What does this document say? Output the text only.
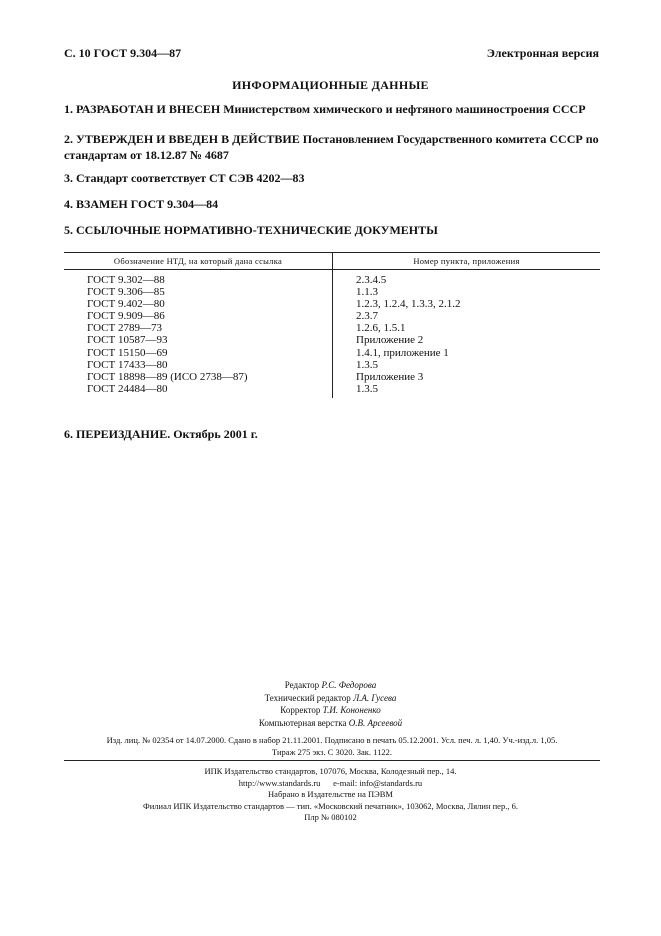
С. 10 ГОСТ 9.304—87	Электронная версия
ИНФОРМАЦИОННЫЕ ДАННЫЕ
1. РАЗРАБОТАН И ВНЕСЕН Министерством химического и нефтяного машиностроения СССР
2. УТВЕРЖДЕН И ВВЕДЕН В ДЕЙСТВИЕ Постановлением Государственного комитета СССР по стандартам от 18.12.87 № 4687
3. Стандарт соответствует СТ СЭВ 4202—83
4. ВЗАМЕН ГОСТ 9.304—84
5. ССЫЛОЧНЫЕ НОРМАТИВНО-ТЕХНИЧЕСКИЕ ДОКУМЕНТЫ
Обозначение НТД, на который дана ссылка	Номер пункта, приложения
ГОСТ 9.302—88	2.3.4.5
ГОСТ 9.306—85	1.1.3
ГОСТ 9.402—80	1.2.3, 1.2.4, 1.3.3, 2.1.2
ГОСТ 9.909—86	2.3.7
ГОСТ 2789—73	1.2.6, 1.5.1
ГОСТ 10587—93	Приложение 2
ГОСТ 15150—69	1.4.1, приложение 1
ГОСТ 17433—80	1.3.5
ГОСТ 18898—89 (ИСО 2738—87)	Приложение 3
ГОСТ 24484—80	1.3.5
6. ПЕРЕИЗДАНИЕ. Октябрь 2001 г.
Редактор Р.С. Федорова
Технический редактор Л.А. Гусева
Корректор Т.И. Кононенко
Компьютерная верстка О.В. Арсеевой
Изд. лиц. № 02354 от 14.07.2000. Сдано в набор 21.11.2001. Подписано в печать 05.12.2001. Усл. печ. л. 1,40. Уч.-изд.л. 1,05.
Тираж 275 экз. С 3020. Зак. 1122.
ИПК Издательство стандартов, 107076, Москва, Колодезный пер., 14.
http://www.standards.ru      e-mail: info@standards.ru
Набрано в Издательстве на ПЭВМ
Филиал ИПК Издательство стандартов — тип. «Московский печатник», 103062, Москва, Лялин пер., 6.
Плр № 080102
